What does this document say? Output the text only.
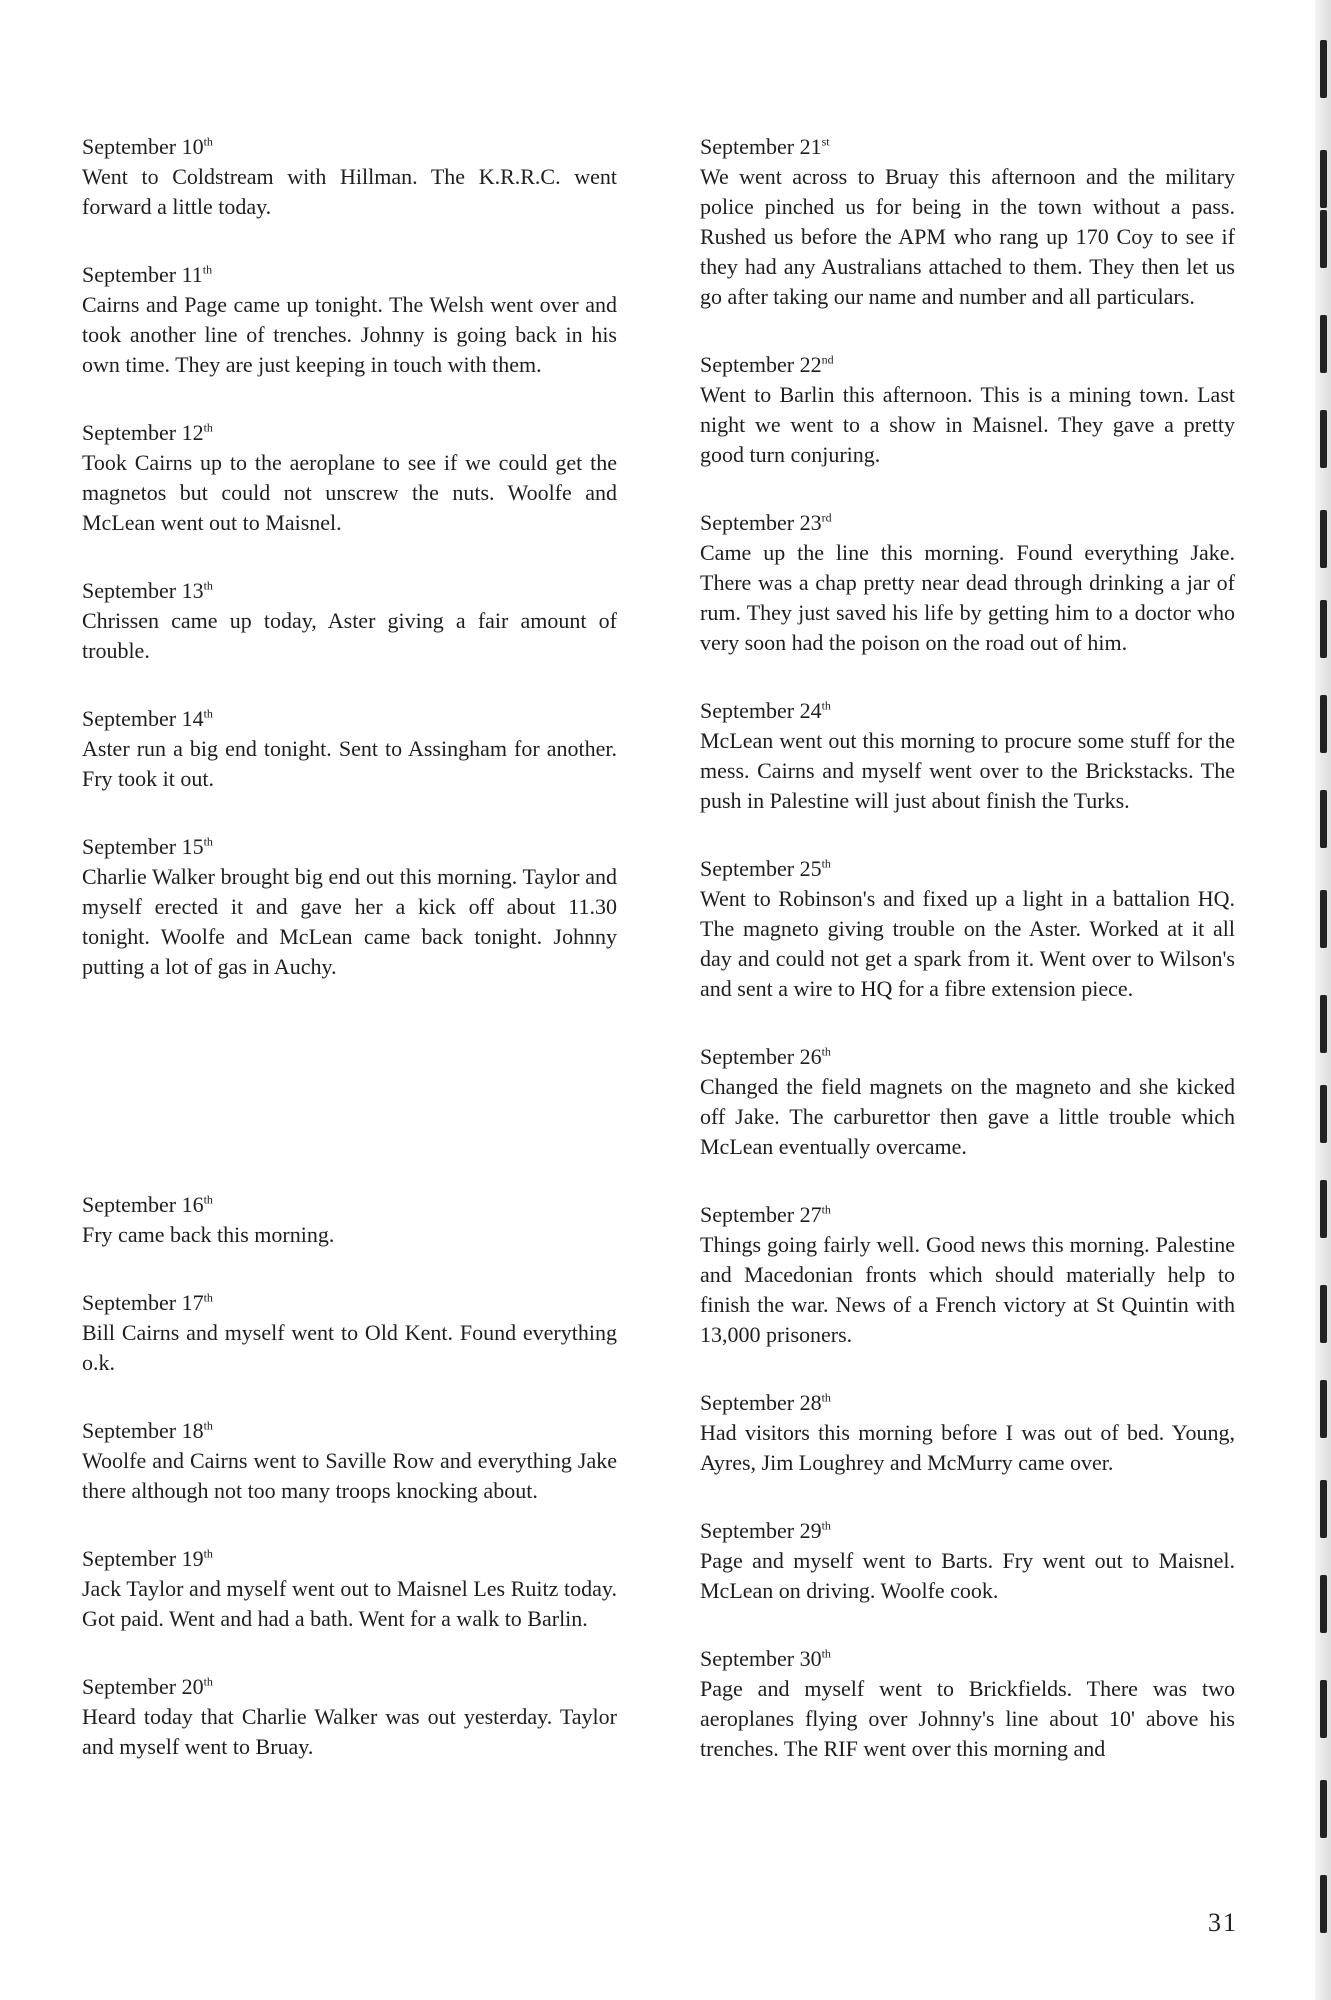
September 10th

Went to Coldstream with Hillman. The K.R.R.C. went forward a little today.

September 11th

Cairns and Page came up tonight. The Welsh went over and took another line of trenches. Johnny is going back in his own time. They are just keeping in touch with them.

September 12th

Took Cairns up to the aeroplane to see if we could get the magnetos but could not unscrew the nuts. Woolfe and McLean went out to Maisnel.

September 13th

Chrissen came up today, Aster giving a fair amount of trouble.

September 14th

Aster run a big end tonight. Sent to Assingham for another. Fry took it out.

September 15th

Charlie Walker brought big end out this morning. Taylor and myself erected it and gave her a kick off about 11.30 tonight. Woolfe and McLean came back tonight. Johnny putting a lot of gas in Auchy.

September 16th

Fry came back this morning.

September 17th

Bill Cairns and myself went to Old Kent. Found everything o.k.

September 18th

Woolfe and Cairns went to Saville Row and everything Jake there although not too many troops knocking about.

September 19th

Jack Taylor and myself went out to Maisnel Les Ruitz today. Got paid. Went and had a bath. Went for a walk to Barlin.

September 20th

Heard today that Charlie Walker was out yesterday. Taylor and myself went to Bruay.

September 21st

We went across to Bruay this afternoon and the military police pinched us for being in the town without a pass. Rushed us before the APM who rang up 170 Coy to see if they had any Australians attached to them. They then let us go after taking our name and number and all particulars.

September 22nd

Went to Barlin this afternoon. This is a mining town. Last night we went to a show in Maisnel. They gave a pretty good turn conjuring.

September 23rd

Came up the line this morning. Found everything Jake. There was a chap pretty near dead through drinking a jar of rum. They just saved his life by getting him to a doctor who very soon had the poison on the road out of him.

September 24th

McLean went out this morning to procure some stuff for the mess. Cairns and myself went over to the Brickstacks. The push in Palestine will just about finish the Turks.

September 25th

Went to Robinson's and fixed up a light in a battalion HQ. The magneto giving trouble on the Aster. Worked at it all day and could not get a spark from it. Went over to Wilson's and sent a wire to HQ for a fibre extension piece.

September 26th

Changed the field magnets on the magneto and she kicked off Jake. The carburettor then gave a little trouble which McLean eventually overcame.

September 27th

Things going fairly well. Good news this morning. Palestine and Macedonian fronts which should materially help to finish the war. News of a French victory at St Quintin with 13,000 prisoners.

September 28th

Had visitors this morning before I was out of bed. Young, Ayres, Jim Loughrey and McMurry came over.

September 29th

Page and myself went to Barts. Fry went out to Maisnel. McLean on driving. Woolfe cook.

September 30th

Page and myself went to Brickfields. There was two aeroplanes flying over Johnny's line about 10' above his trenches. The RIF went over this morning and

31
